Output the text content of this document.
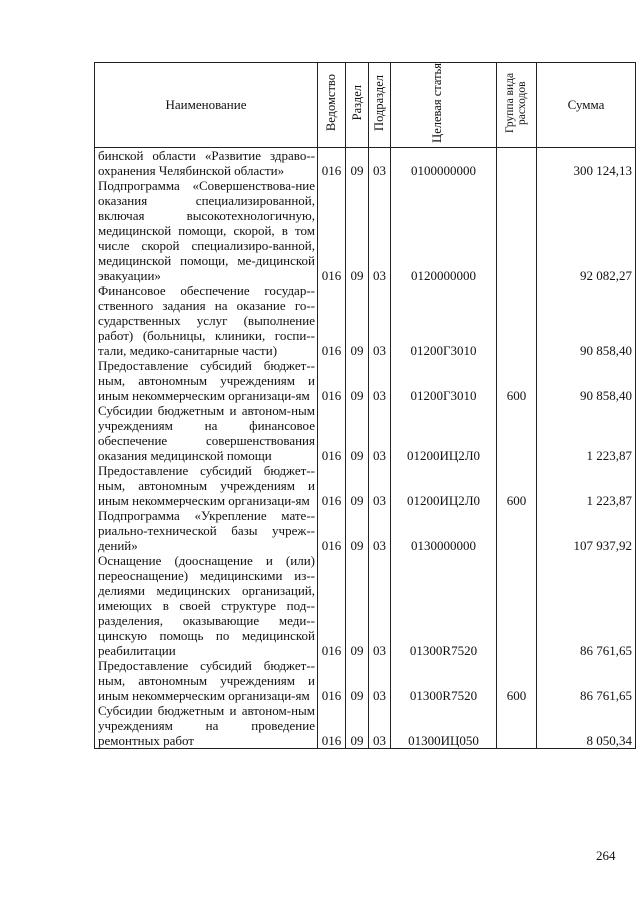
Наименование	Ведомство	Раздел	Подраздел	Целевая статья	Группа вида расходов	Сумма
бинской области «Развитие здраво-охранения Челябинской области»	016	09	03	0100000000		300 124,13
Подпрограмма «Совершенствова-ние оказания специализированной, включая высокотехнологичную, медицинской помощи, скорой, в том числе скорой специализиро-ванной, медицинской помощи, ме-дицинской эвакуации»	016	09	03	0120000000		92 082,27
Финансовое обеспечение государ-ственного задания на оказание го-сударственных услуг (выполнение работ) (больницы, клиники, госпи-тали, медико-санитарные части)	016	09	03	01200Г3010		90 858,40
Предоставление субсидий бюджет-ным, автономным учреждениям и иным некоммерческим организаци-ям	016	09	03	01200Г3010	600	90 858,40
Субсидии бюджетным и автоном-ным учреждениям на финансовое обеспечение совершенствования оказания медицинской помощи	016	09	03	01200ИЦ2Л0		1 223,87
Предоставление субсидий бюджет-ным, автономным учреждениям и иным некоммерческим организаци-ям	016	09	03	01200ИЦ2Л0	600	1 223,87
Подпрограмма «Укрепление мате-риально-технической базы учреж-дений»	016	09	03	0130000000		107 937,92
Оснащение (дооснащение и (или) переоснащение) медицинскими из-делиями медицинских организаций, имеющих в своей структуре под-разделения, оказывающие меди-цинскую помощь по медицинской реабилитации	016	09	03	01300R7520		86 761,65
Предоставление субсидий бюджет-ным, автономным учреждениям и иным некоммерческим организаци-ям	016	09	03	01300R7520	600	86 761,65
Субсидии бюджетным и автоном-ным учреждениям на проведение ремонтных работ	016	09	03	01300ИЦ050		8 050,34
264
